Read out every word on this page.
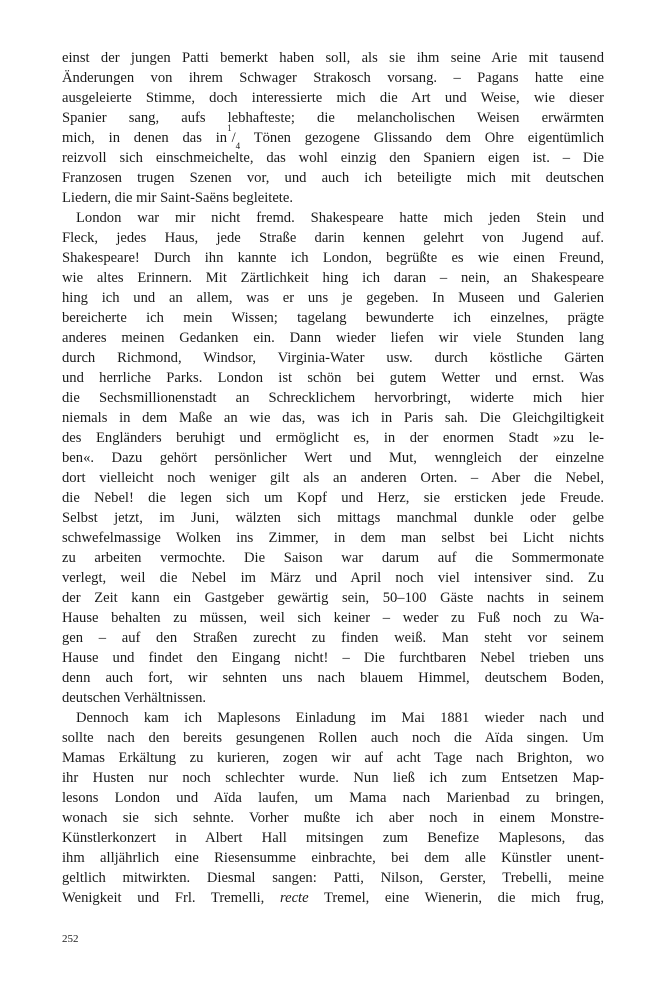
einst der jungen Patti bemerkt haben soll, als sie ihm seine Arie mit tausend
Änderungen von ihrem Schwager Strakosch vorsang. – Pagans hatte eine
ausgeleierte Stimme, doch interessierte mich die Art und Weise, wie dieser
Spanier sang, aufs lebhafteste; die melancholischen Weisen erwärmten
mich, in denen das $in^1/_4$ Tönen gezogene Glissando dem Ohre eigentümlich
reizvoll sich einschmeichelte, das wohl einzig den Spaniern eigen ist. – Die
Franzosen trugen Szenen vor, und auch ich beteiligte mich mit deutschen
Liedern, die mir Saint-Saëns begleitete.
London war mir nicht fremd. Shakespeare hatte mich jeden Stein und
Fleck, jedes Haus, jede Straße darin kennen gelehrt von Jugend auf.
Shakespeare! Durch ihn kannte ich London, begrüßte es wie einen Freund,
wie altes Erinnern. Mit Zärtlichkeit hing ich daran – nein, an Shakespeare
hing ich und an allem, was er uns je gegeben. In Museen und Galerien
bereicherte ich mein Wissen; tagelang bewunderte ich einzelnes, prägte
anderes meinen Gedanken ein. Dann wieder liefen wir viele Stunden lang
durch Richmond, Windsor, Virginia-Water usw. durch köstliche Gärten
und herrliche Parks. London ist schön bei gutem Wetter und ernst. Was
die Sechsmillionenstadt an Schrecklichem hervorbringt, widerte mich hier
niemals in dem Maße an wie das, was ich in Paris sah. Die Gleichgiltigkeit
des Engländers beruhigt und ermöglicht es, in der enormen Stadt »zu le-
ben«. Dazu gehört persönlicher Wert und Mut, wenngleich der einzelne
dort vielleicht noch weniger gilt als an anderen Orten. – Aber die Nebel,
die Nebel! die legen sich um Kopf und Herz, sie ersticken jede Freude.
Selbst jetzt, im Juni, wälzten sich mittags manchmal dunkle oder gelbe
schwefelmassige Wolken ins Zimmer, in dem man selbst bei Licht nichts
zu arbeiten vermochte. Die Saison war darum auf die Sommermonate
verlegt, weil die Nebel im März und April noch viel intensiver sind. Zu
der Zeit kann ein Gastgeber gewärtig sein, 50–100 Gäste nachts in seinem
Hause behalten zu müssen, weil sich keiner – weder zu Fuß noch zu Wa-
gen – auf den Straßen zurecht zu finden weiß. Man steht vor seinem
Hause und findet den Eingang nicht! – Die furchtbaren Nebel trieben uns
denn auch fort, wir sehnten uns nach blauem Himmel, deutschem Boden,
deutschen Verhältnissen.
Dennoch kam ich Maplesons Einladung im Mai 1881 wieder nach und
sollte nach den bereits gesungenen Rollen auch noch die Aïda singen. Um
Mamas Erkältung zu kurieren, zogen wir auf acht Tage nach Brighton, wo
ihr Husten nur noch schlechter wurde. Nun ließ ich zum Entsetzen Map-
lesons London und Aïda laufen, um Mama nach Marienbad zu bringen,
wonach sie sich sehnte. Vorher mußte ich aber noch in einem Monstre-
Künstlerkonzert in Albert Hall mitsingen zum Benefize Maplesons, das
ihm alljährlich eine Riesensumme einbrachte, bei dem alle Künstler unent-
geltlich mitwirkten. Diesmal sangen: Patti, Nilson, Gerster, Trebelli, meine
Wenigkeit und Frl. Tremelli, recte Tremel, eine Wienerin, die mich frug,
252
